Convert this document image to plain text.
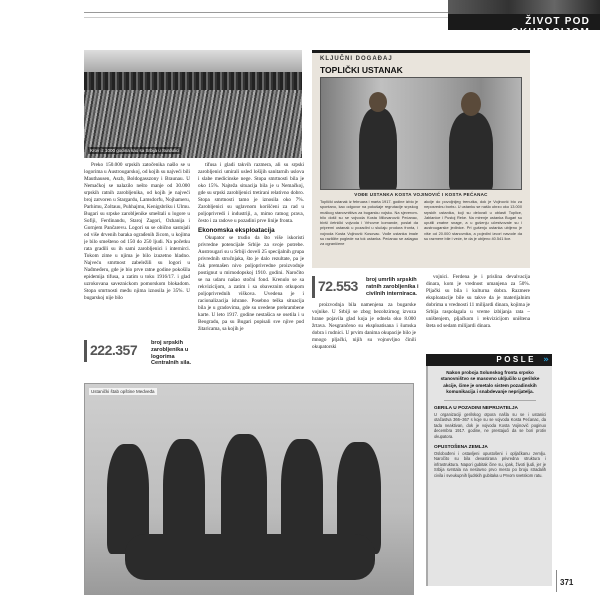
ŽIVOT POD OKUPACIJOM
Krov iz 1000 godina kao sa Srbija u Surdulici
KLJUČNI DOGAĐAJ
TOPLIČKI USTANAK
VOĐE USTANKA KOSTA VOJINOVIĆ I KOSTA PEĆANAC
Toplički ustanak iz februara i marta 1917. godine izbio je spontano, kao odgovor na pokušaje regrutacije srpskog muškog stanovništva za bugarsku vojsku. Na sjeverom-bilo došli su se vojvoda Kosta Milovanović Pećanac, bivši četnički vojvoda i Vrhovne komande, poslat da pripremi ustanak u pozadini u slučaju prodora fronta, i vojvoda Kosta Vojinović Kosovac. Vođe ustanka imale su različite poglede na tok ustanka. Pećanac se zalagao za ograničene
akcije do povoljnijeg trenutka, dok je Vojinović bio za neposrednu borbu. U ustanku se našlo ubrzo oko 13.000 srpskih ustanika, koji su delovali u oblasti Toplice, Jablanice i Pustoj Reke. Na mirenje ustanka Bugari su uputili znatne snage, a u gušenju učestvovale su i austrougarske jedinice. Pri gušenju ustanka ubijeno je više od 20.000 stanovnika, a pojedini izvori navode da su razmere bile i veće, te da je ubijeno 40.541 lice.

Preko 150.000 srpskih zatočenika našlo se u logorima u Austrougarskoj, od kojih su najveći bili Mauthausen, Aszb, Boldogasszony i Braunau. U Nemačkoj se nalazilo nešto manje od 30.000 srpskih ratnih zarobljenika, od kojih je najveći broj zatvoren u Stargardu, Lamsdorfu, Nojhameru, Parhimu, Zoltauu, Puhhajmu, Kenigsbriku i Ulmu. Bugari su srpske zarobljenike smeštali u logore u Sofiji, Ferdinandu, Starој Zagori, Ozhanija i Gornjem Pančarevu. Logori su se obično sastojali od više drvenih baraka ograđenih žicom, u kojima je bilo smešteno od 150 do 250 ljudi. Na početku rata gradili su ih sami zarobljenici i internirci. Tokom zime u njima je bilo izuzetno hladno. Najveću smrtnost zabeležili su logori u Nađmeđeru, gde je bio prve ratne godine pokošila epidemija tifusa, a zatim u toku 1916/17. i glad uzrokovana saveznickom pomorskom blokadom. Stopa smrtnosti među njima iznosila je 35%. U bugarskoj nije bilo

222.357 broj srpskih zarobljenika u logorima Centralnih sila.

tifusa i gladi takvih razmera, ali su srpski zarobljenici umirali usled lošijih sanitarnih uslova i slabe medicinske nege. Stopa smrtnosti bila je oko 15%. Najteža situacija bila je u Nemačkoj, gde su srpski zarobljenici tretirani relativno dobro. Stopa smrtnosti tamo je iznosila oko 7%. Zarobljenici su uglavnom korišćeni za rad u poljoprivredi i industriji, a, mimo ratnog prava, često i za radove u pozadini prve linije fronta.

Ekonomska eksploatacija

Okupator se trudio da što više iskoristi privredne potencijale Srbije za svoje potrebe. Austrougari su u Srbiji doveli 25 specijalnih grupa privrednih stručnjaka, što je dalo rezultate, pa je čak premašen nivo poljoprivredne proizvodnje postignut u mirnodopskoj 1910. godini. Naročito se na udaru našao stočni fond. Krenulo se sa rekvizicijom, a zatim i sa obaveznim otkupom poljoprivrednih viškova. Uvedena je i racionalizacija ishrane. Posebno teška situacija bila je u gradovima, gde su uvedene prehrambene karte. U leto 1917. godine nestašica se osetila i u Beogradu, pa su Bugari popisali sve njive pod žitaricama, sa kojih je

72.553 broj umrlih srpskih ratnih zarobljenika i civilnih interniraca.

proizvodnja bila namenjena za bugarske vojnike. U Srbiji se zbog bezobzirnog izvoza hrane pojavila glad koja je odnela oko 8.000 žrtava. Nesgrančeno su eksploatisana i šumska dobra i rudnici. U prvim danima okupacije bilo je mnogo pljački, nijih su vojnovljno činili okupatorski

vojnici. Ferdena je i prislina devalvacija dinara, kom je vrednost umanjena za 50%. Pljački su bila i kulturna dobra. Razmere eksploatacije bile su takve da je materijalnim dobrima u vrednosti 11 milijardi dinara, kojima je Srbija raspolagala u vreme izbijanja rata – uništenjem, pljačkom i rekvizicijom uništena šteta od sedam milijardi dinara.

Ustanički štab opštine Medveđa
POSLE »
Nakon proboja Solunskog fronta srpsko stanovništvo se masovno uključilo u gerilske akcije, čime je ometalo sistem pozadinskih komunikacija i snabdevanje neprijatelja.
GERILA U POZADINI NEPRIJATELJA
U organizaciji gerilskog otpora našla su se i ustanici otačastva 366–367 s koje su se vojvoda Kosta Pećanac, da tada neaktivan, dok je vojvoda Kosta Vojinović poginuo decembra 1917. godine, ne prestajući da se bori protiv okupatora.
OPUSTOŠENA ZEMLJA
Oslobođeni i ostavljeni opustošeni i opljačkanu zemlju. Naročito su bila devastirana privredna struktura i infrastruktura. Napori gubitak čine su, ipak, životi ljudi, jer je Srbija svrstala na neslavno prvo mesto po broju stradalih civila i sveukupnih ljudskih gubitaka u Prvom svetskom ratu.
371
